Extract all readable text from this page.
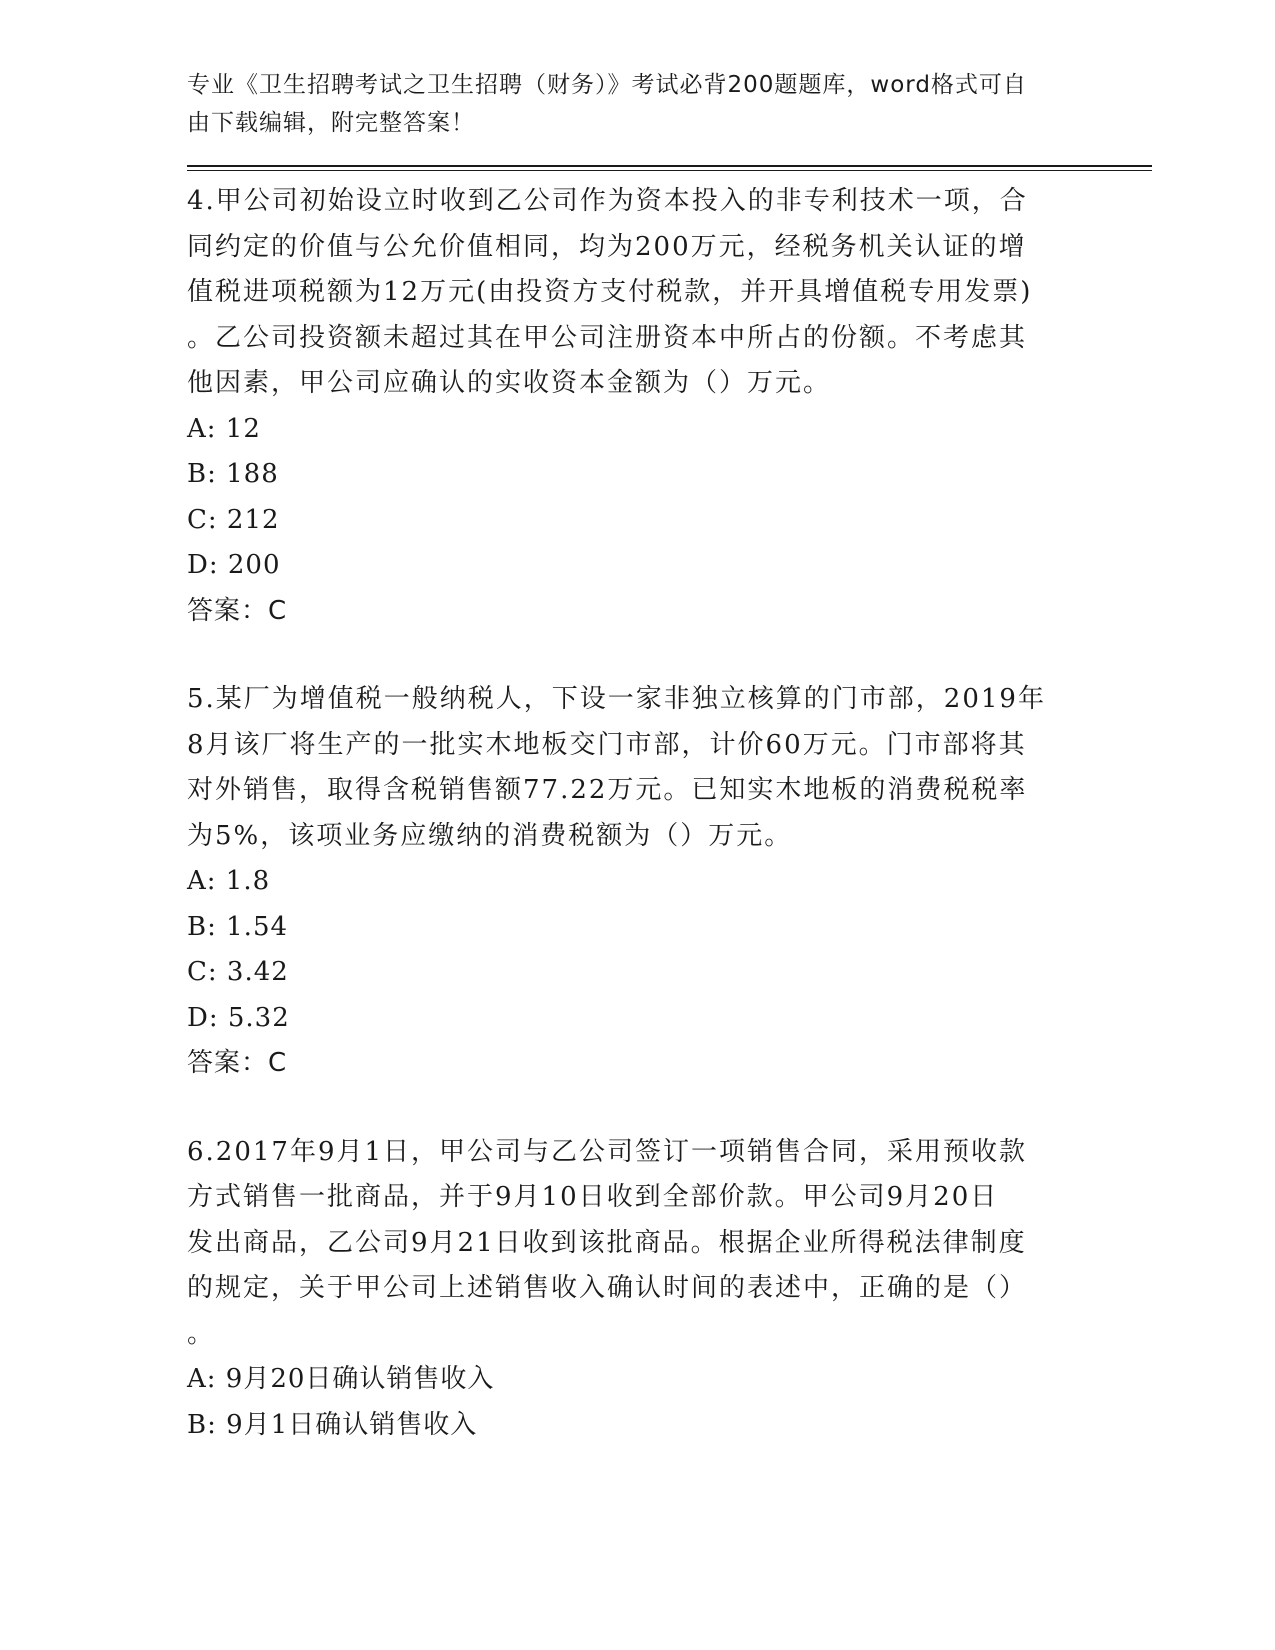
专业《卫生招聘考试之卫生招聘（财务）》考试必背200题题库，word格式可自
由下载编辑，附完整答案！
4.甲公司初始设立时收到乙公司作为资本投入的非专利技术一项，合
同约定的价值与公允价值相同，均为200万元，经税务机关认证的增
值税进项税额为12万元(由投资方支付税款，并开具增值税专用发票)
。乙公司投资额未超过其在甲公司注册资本中所占的份额。不考虑其
他因素，甲公司应确认的实收资本金额为（）万元。
A: 12
B: 188
C: 212
D: 200
答案：C
5.某厂为增值税一般纳税人，下设一家非独立核算的门市部，2019年
8月该厂将生产的一批实木地板交门市部，计价60万元。门市部将其
对外销售，取得含税销售额77.22万元。已知实木地板的消费税税率
为5%，该项业务应缴纳的消费税额为（）万元。
A: 1.8
B: 1.54
C: 3.42
D: 5.32
答案：C
6.2017年9月1日，甲公司与乙公司签订一项销售合同，采用预收款
方式销售一批商品，并于9月10日收到全部价款。甲公司9月20日
发出商品，乙公司9月21日收到该批商品。根据企业所得税法律制度
的规定，关于甲公司上述销售收入确认时间的表述中，正确的是（）
。
A: 9月20日确认销售收入
B: 9月1日确认销售收入
